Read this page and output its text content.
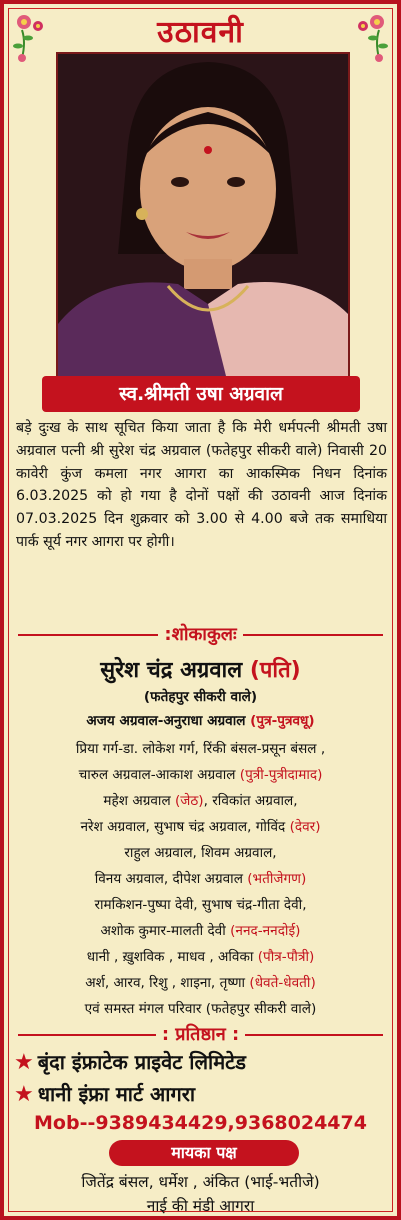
उठावनी
स्व.श्रीमती उषा अग्रवाल
बड़े दुःख के साथ सूचित किया जाता है कि मेरी धर्मपत्नी श्रीमती उषा अग्रवाल पत्नी श्री सुरेश चंद्र अग्रवाल (फतेहपुर सीकरी वाले) निवासी 20 कावेरी कुंज कमला नगर आगरा का आकस्मिक निधन दिनांक 6.03.2025 को हो गया है दोनों पक्षों की उठावनी आज दिनांक 07.03.2025 दिन शुक्रवार को 3.00 से 4.00 बजे तक समाधिया पार्क सूर्य नगर आगरा पर होगी।
:शोकाकुलः
सुरेश चंद्र अग्रवाल (पति)
(फतेहपुर सीकरी वाले)
अजय अग्रवाल-अनुराधा अग्रवाल (पुत्र-पुत्रवधू)
प्रिया गर्ग-डा. लोकेश गर्ग, रिंकी बंसल-प्रसून बंसल ,
चारुल अग्रवाल-आकाश अग्रवाल (पुत्री-पुत्रीदामाद)
महेश अग्रवाल (जेठ), रविकांत अग्रवाल,
नरेश अग्रवाल, सुभाष चंद्र अग्रवाल, गोविंद (देवर)
राहुल अग्रवाल, शिवम अग्रवाल,
विनय अग्रवाल, दीपेश अग्रवाल (भतीजेगण)
रामकिशन-पुष्पा देवी, सुभाष चंद्र-गीता देवी,
अशोक कुमार-मालती देवी (ननद-ननदोई)
धानी , ख़ुशविक , माधव , अविका (पौत्र-पौत्री)
अर्श, आरव, रिशु , शाइना, तृष्णा (धेवते-धेवती)
एवं समस्त मंगल परिवार (फतेहपुर सीकरी वाले)
: प्रतिष्ठान :
★ बृंदा इंफ्राटेक प्राइवेट लिमिटेड
★ धानी इंफ्रा मार्ट आगरा
Mob--9389434429,9368024474
मायका पक्ष
जितेंद्र बंसल, धर्मेश , अंकित (भाई-भतीजे)
नाई की मंडी आगरा
